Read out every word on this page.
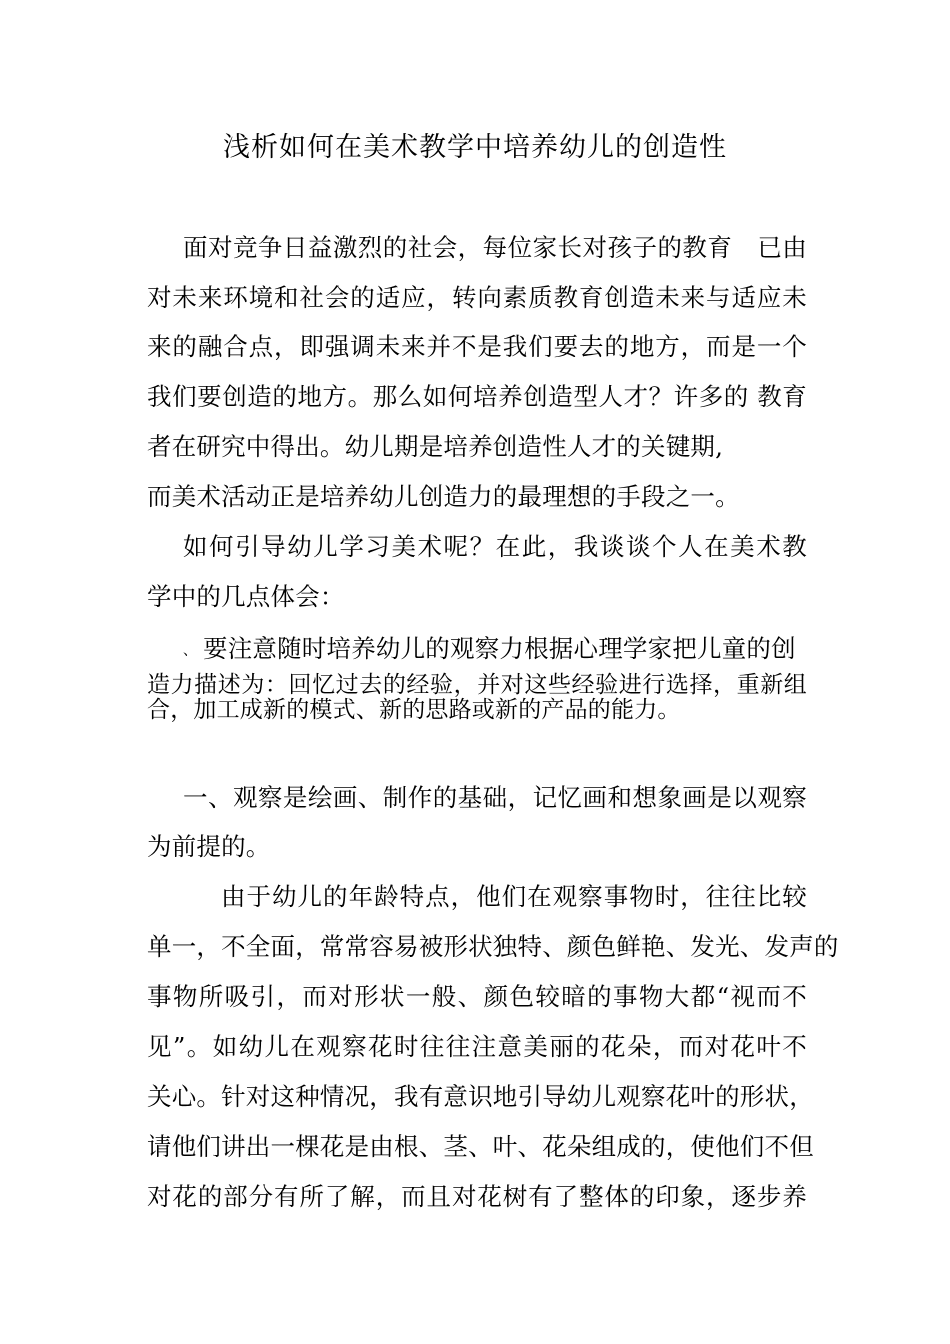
浅析如何在美术教学中培养幼儿的创造性
面对竞争日益激烈的社会，每位家长对孩子的教育　已由
对未来环境和社会的适应，转向素质教育创造未来与适应未
来的融合点，即强调未来并不是我们要去的地方，而是一个
我们要创造的地方。那么如何培养创造型人才？许多的 教育
者在研究中得出。幼儿期是培养创造性人才的关键期,
而美术活动正是培养幼儿创造力的最理想的手段之一。
如何引导幼儿学习美术呢？在此，我谈谈个人在美术教
学中的几点体会：
、 要注意随时培养幼儿的观察力根据心理学家把儿童的创
造力描述为：回忆过去的经验，并对这些经验进行选择，重新组
合，加工成新的模式、新的思路或新的产品的能力。
一、观察是绘画、制作的基础，记忆画和想象画是以观察
为前提的。
由于幼儿的年龄特点，他们在观察事物时，往往比较
单一，不全面，常常容易被形状独特、颜色鲜艳、发光、发声的
事物所吸引，而对形状一般、颜色较暗的事物大都“视而不
见”。如幼儿在观察花时往往注意美丽的花朵，而对花叶不
关心。针对这种情况，我有意识地引导幼儿观察花叶的形状，
请他们讲出一棵花是由根、茎、叶、花朵组成的，使他们不但
对花的部分有所了解，而且对花树有了整体的印象，逐步养
